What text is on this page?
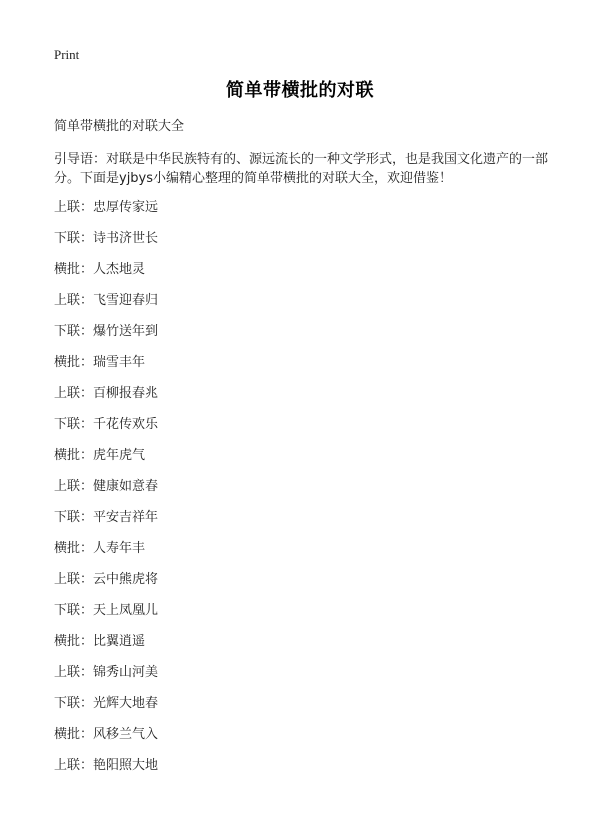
Print
简单带横批的对联
简单带横批的对联大全
引导语：对联是中华民族特有的、源远流长的一种文学形式，也是我国文化遗产的一部分。下面是yjbys小编精心整理的简单带横批的对联大全，欢迎借鉴！
上联：忠厚传家远
下联：诗书济世长
横批：人杰地灵
上联：飞雪迎春归
下联：爆竹送年到
横批：瑞雪丰年
上联：百柳报春兆
下联：千花传欢乐
横批：虎年虎气
上联：健康如意春
下联：平安吉祥年
横批：人寿年丰
上联：云中熊虎将
下联：天上凤凰儿
横批：比翼逍遥
上联：锦秀山河美
下联：光辉大地春
横批：风移兰气入
上联：艳阳照大地
